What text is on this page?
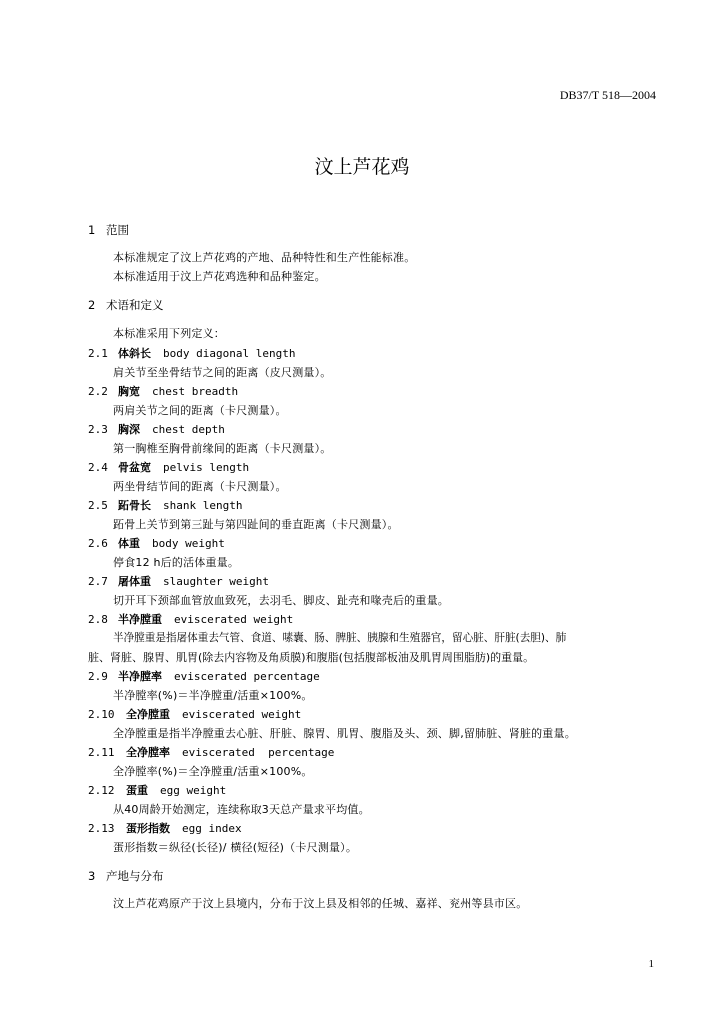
DB37/T 518—2004
汶上芦花鸡
1 范围
本标准规定了汶上芦花鸡的产地、品种特性和生产性能标准。
本标准适用于汶上芦花鸡选种和品种鉴定。
2 术语和定义
本标准采用下列定义：
2.1 体斜长 body diagonal length
肩关节至坐骨结节之间的距离（皮尺测量）。
2.2 胸宽 chest breadth
两肩关节之间的距离（卡尺测量）。
2.3 胸深 chest depth
第一胸椎至胸骨前缘间的距离（卡尺测量）。
2.4 骨盆宽 pelvis length
两坐骨结节间的距离（卡尺测量）。
2.5 跖骨长 shank length
跖骨上关节到第三趾与第四趾间的垂直距离（卡尺测量）。
2.6 体重 body weight
停食12 h后的活体重量。
2.7 屠体重 slaughter weight
切开耳下颈部血管放血致死，去羽毛、脚皮、趾壳和喙壳后的重量。
2.8 半净膛重 eviscerated weight
半净膛重是指屠体重去气管、食道、嗉囊、肠、脾脏、胰腺和生殖器官，留心脏、肝脏(去胆)、肺
脏、肾脏、腺胃、肌胃(除去内容物及角质膜)和腹脂(包括腹部板油及肌胃周围脂肪)的重量。
2.9 半净膛率 eviscerated percentage
半净膛率(%)＝半净膛重/活重×100%。
2.10 全净膛重 eviscerated weight
全净膛重是指半净膛重去心脏、肝脏、腺胃、肌胃、腹脂及头、颈、脚,留肺脏、肾脏的重量。
2.11 全净膛率 eviscerated  percentage
全净膛率(%)＝全净膛重/活重×100%。
2.12 蛋重 egg weight
从40周龄开始测定，连续称取3天总产量求平均值。
2.13 蛋形指数 egg index
蛋形指数＝纵径(长径)/ 横径(短径)（卡尺测量）。
3 产地与分布
汶上芦花鸡原产于汶上县境内，分布于汶上县及相邻的任城、嘉祥、兖州等县市区。
1
